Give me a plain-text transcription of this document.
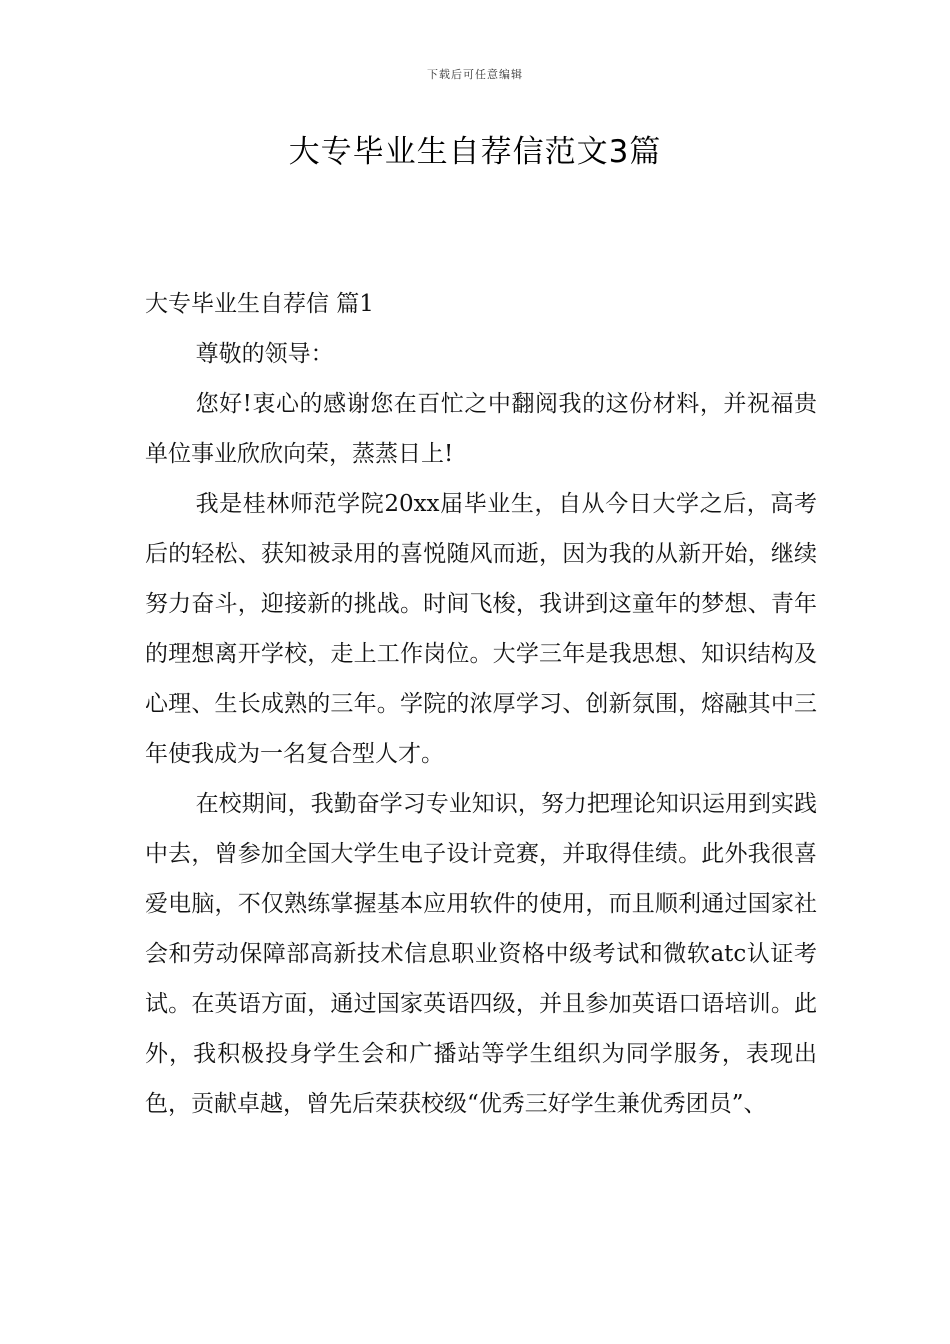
下载后可任意编辑
大专毕业生自荐信范文3篇
大专毕业生自荐信 篇1

尊敬的领导：

您好!衷心的感谢您在百忙之中翻阅我的这份材料，并祝福贵单位事业欣欣向荣，蒸蒸日上!

我是桂林师范学院20xx届毕业生，自从今日大学之后，高考后的轻松、获知被录用的喜悦随风而逝，因为我的从新开始，继续努力奋斗，迎接新的挑战。时间飞梭，我讲到这童年的梦想、青年的理想离开学校，走上工作岗位。大学三年是我思想、知识结构及心理、生长成熟的三年。学院的浓厚学习、创新氛围，熔融其中三年使我成为一名复合型人才。

在校期间，我勤奋学习专业知识，努力把理论知识运用到实践中去，曾参加全国大学生电子设计竞赛，并取得佳绩。此外我很喜爱电脑，不仅熟练掌握基本应用软件的使用，而且顺利通过国家社会和劳动保障部高新技术信息职业资格中级考试和微软atc认证考试。在英语方面，通过国家英语四级，并且参加英语口语培训。此外，我积极投身学生会和广播站等学生组织为同学服务，表现出色，贡献卓越，曾先后荣获校级“优秀三好学生兼优秀团员”、
